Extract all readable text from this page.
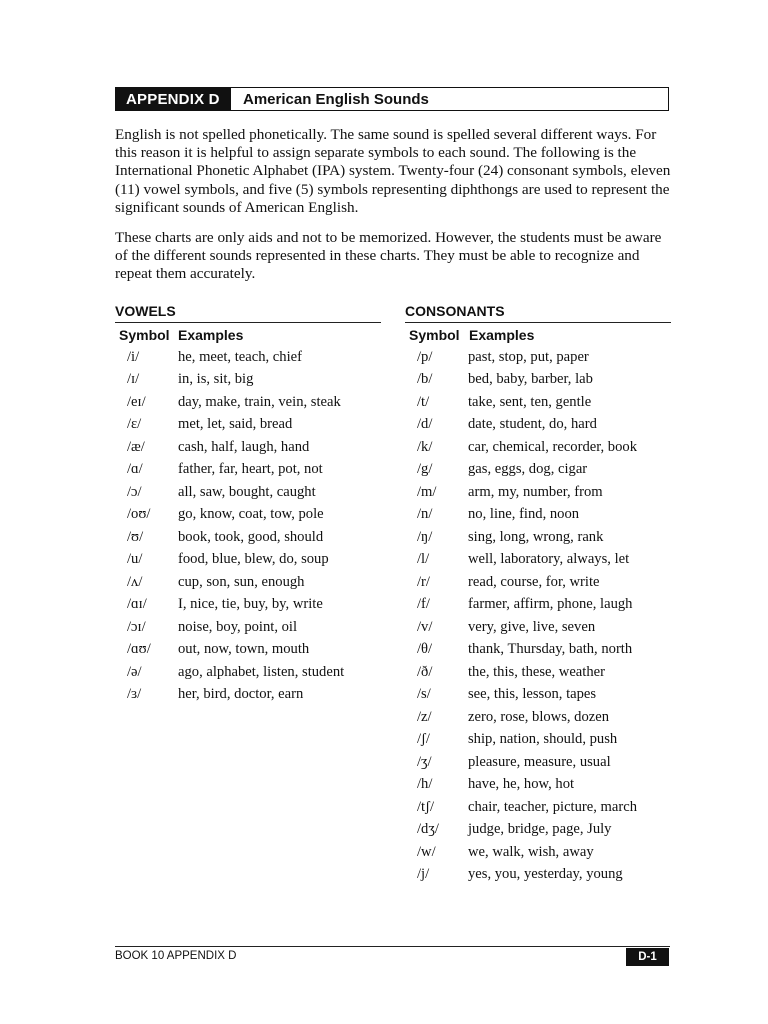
APPENDIX D	American English Sounds

English is not spelled phonetically. The same sound is spelled several different ways. For this reason it is helpful to assign separate symbols to each sound. The following is the International Phonetic Alphabet (IPA) system. Twenty-four (24) consonant symbols, eleven (11) vowel symbols, and five (5) symbols representing diphthongs are used to represent the significant sounds of American English.

These charts are only aids and not to be memorized. However, the students must be aware of the different sounds represented in these charts. They must be able to recognize and repeat them accurately.

VOWELS
Symbol Examples
/i/	he, meet, teach, chief
/ɪ/	in, is, sit, big
/eɪ/	day, make, train, vein, steak
/ɛ/	met, let, said, bread
/æ/	cash, half, laugh, hand
/ɑ/	father, far, heart, pot, not
/ɔ/	all, saw, bought, caught
/oʊ/	go, know, coat, tow, pole
/ʊ/	book, took, good, should
/u/	food, blue, blew, do, soup
/ʌ/	cup, son, sun, enough
/ɑɪ/	I, nice, tie, buy, by, write
/ɔɪ/	noise, boy, point, oil
/ɑʊ/	out, now, town, mouth
/ə/	ago, alphabet, listen, student
/ɜ/	her, bird, doctor, earn
CONSONANTS
Symbol Examples
/p/	past, stop, put, paper
/b/	bed, baby, barber, lab
/t/	take, sent, ten, gentle
/d/	date, student, do, hard
/k/	car, chemical, recorder, book
/g/	gas, eggs, dog, cigar
/m/	arm, my, number, from
/n/	no, line, find, noon
/ŋ/	sing, long, wrong, rank
/l/	well, laboratory, always, let
/r/	read, course, for, write
/f/	farmer, affirm, phone, laugh
/v/	very, give, live, seven
/θ/	thank, Thursday, bath, north
/ð/	the, this, these, weather
/s/	see, this, lesson, tapes
/z/	zero, rose, blows, dozen
/ʃ/	ship, nation, should, push
/ʒ/	pleasure, measure, usual
/h/	have, he, how, hot
/tʃ/	chair, teacher, picture, march
/dʒ/	judge, bridge, page, July
/w/	we, walk, wish, away
/j/	yes, you, yesterday, young
BOOK 10 APPENDIX D	D-1
